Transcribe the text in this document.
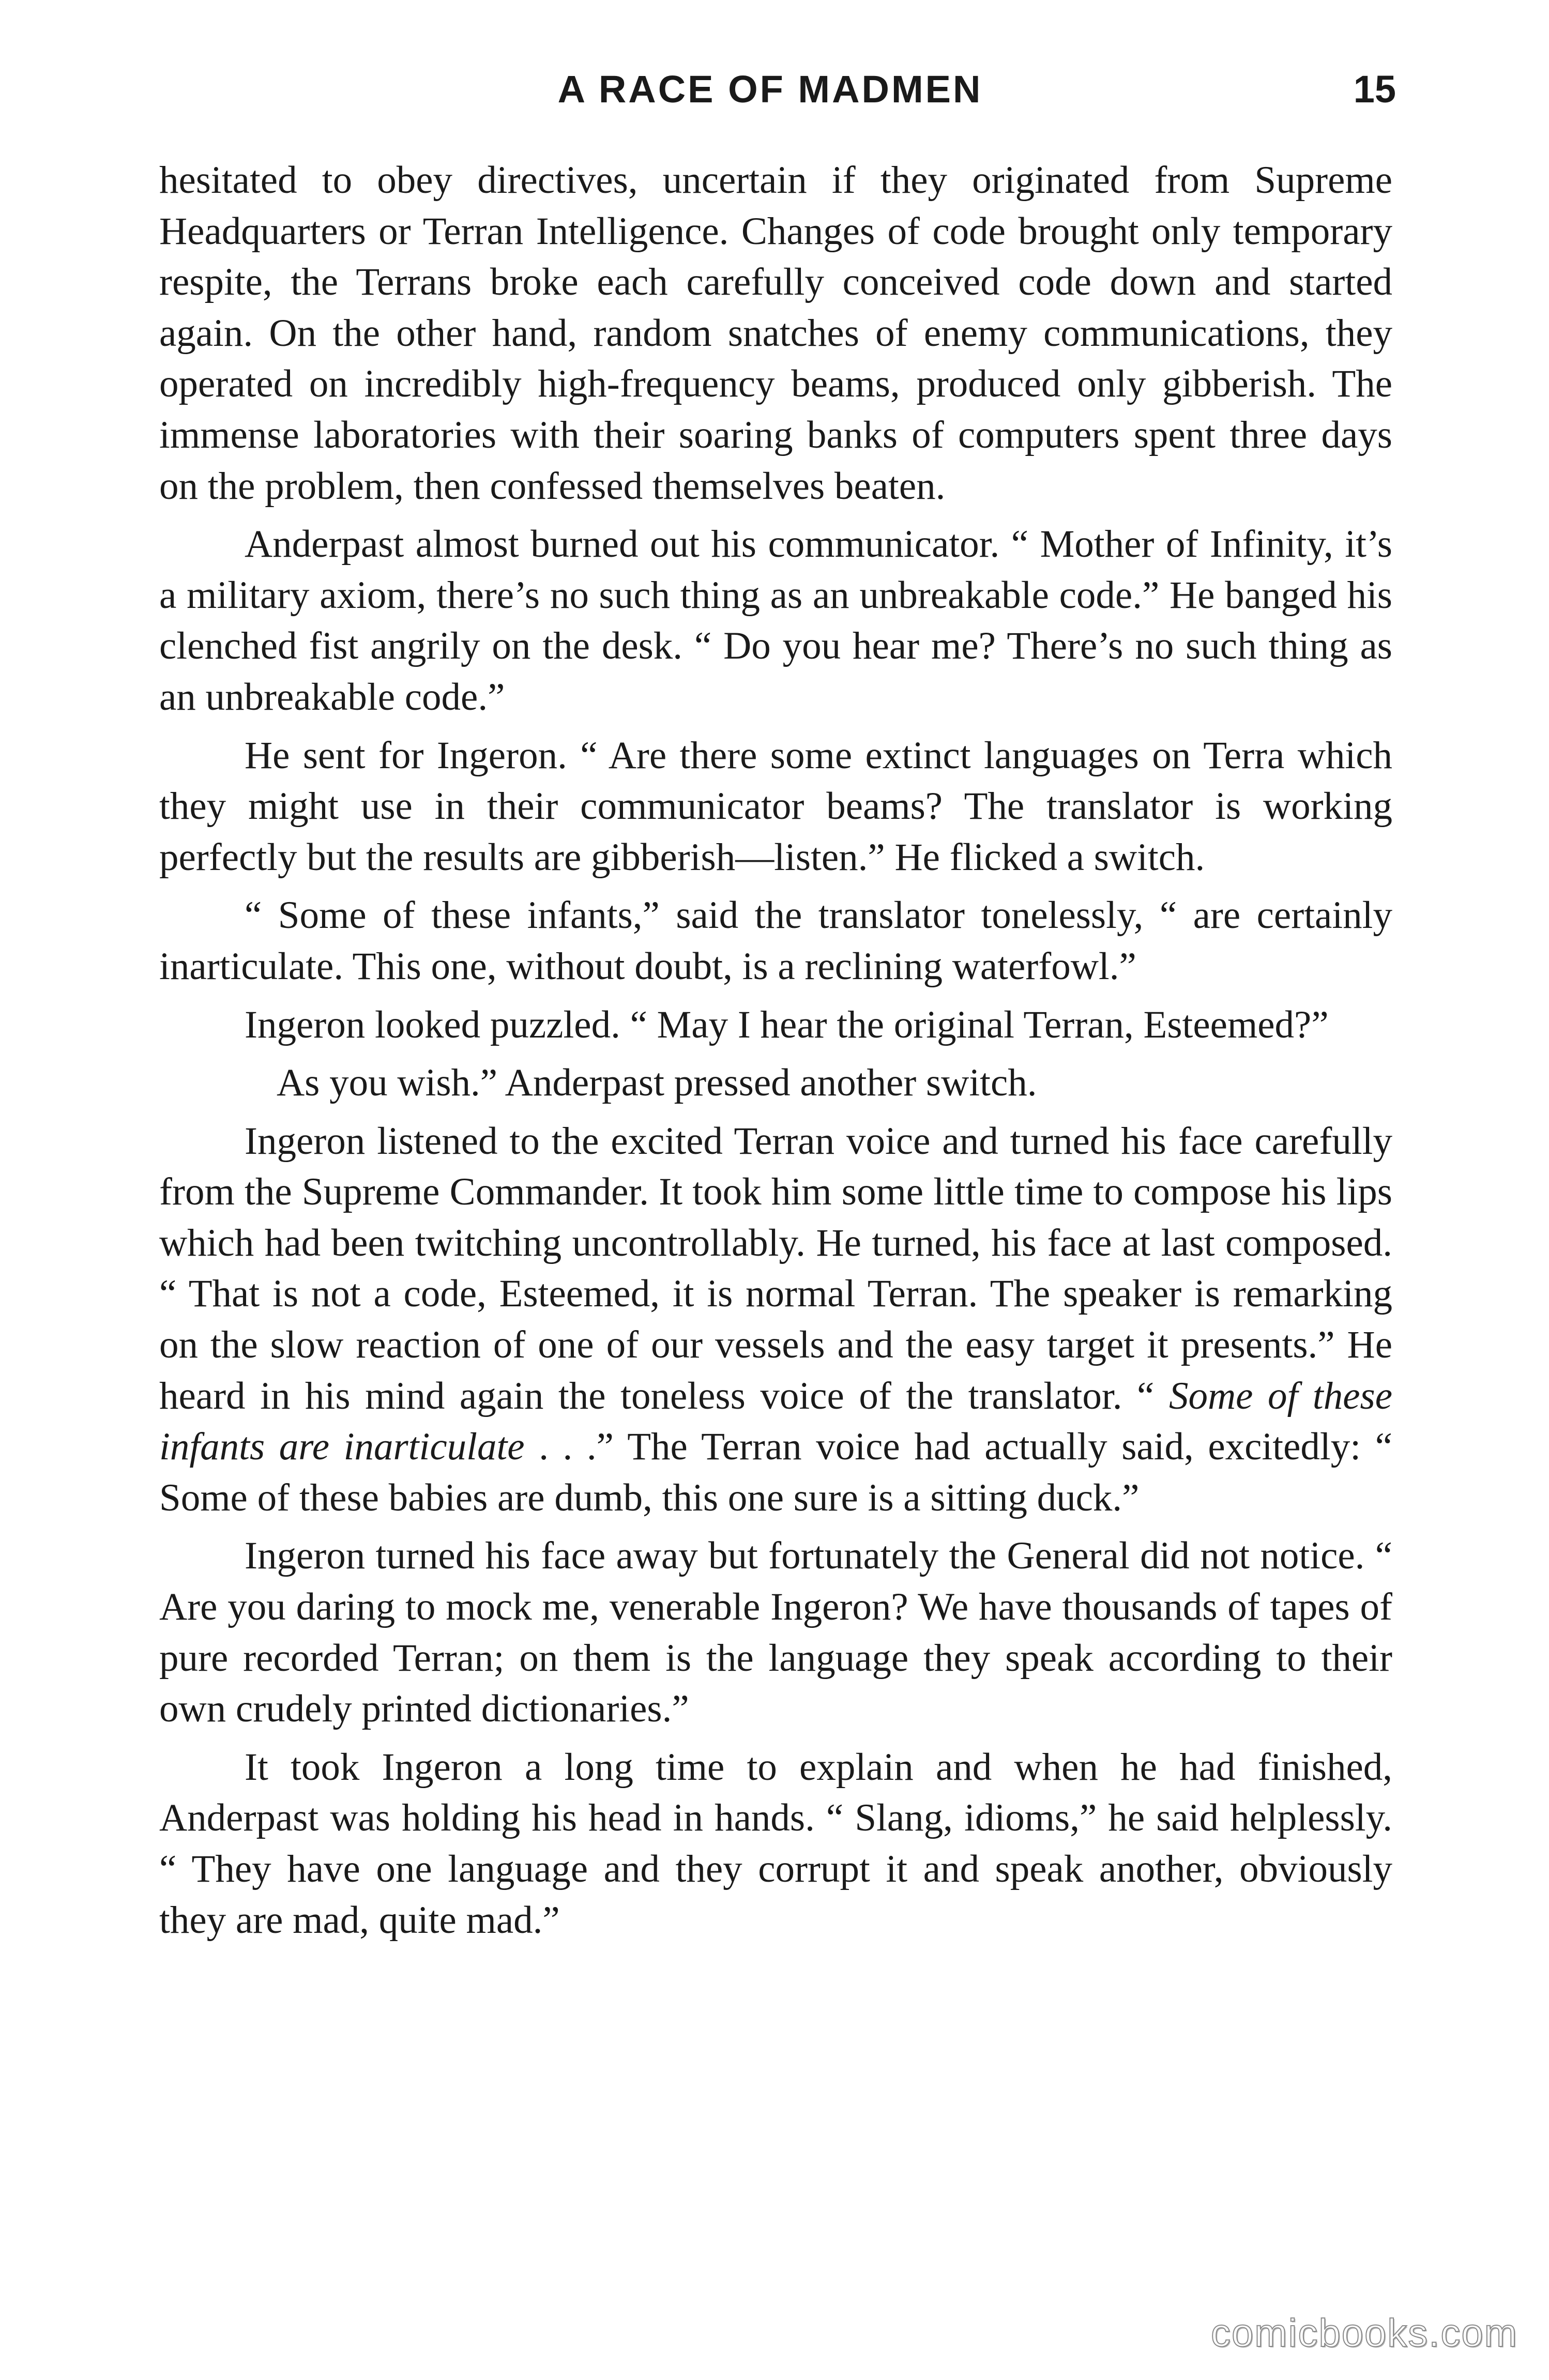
A RACE OF MADMEN	15

hesitated to obey directives, uncertain if they originated from Supreme Headquarters or Terran Intelligence. Changes of code brought only temporary respite, the Terrans broke each carefully conceived code down and started again. On the other hand, random snatches of enemy communications, they operated on incredibly high-frequency beams, produced only gibberish. The immense laboratories with their soaring banks of computers spent three days on the problem, then confessed themselves beaten.

Anderpast almost burned out his communicator. “ Mother of Infinity, it’s a military axiom, there’s no such thing as an unbreakable code.” He banged his clenched fist angrily on the desk. “ Do you hear me? There’s no such thing as an unbreakable code.”

He sent for Ingeron. “ Are there some extinct languages on Terra which they might use in their communicator beams? The translator is working perfectly but the results are gibberish—listen.” He flicked a switch.

“ Some of these infants,” said the translator tonelessly, “ are certainly inarticulate. This one, without doubt, is a reclining waterfowl.”

Ingeron looked puzzled. “ May I hear the original Terran, Esteemed?”

As you wish.” Anderpast pressed another switch.

Ingeron listened to the excited Terran voice and turned his face carefully from the Supreme Commander. It took him some little time to compose his lips which had been twitching uncontrollably. He turned, his face at last composed. “ That is not a code, Esteemed, it is normal Terran. The speaker is remarking on the slow reaction of one of our vessels and the easy target it presents.” He heard in his mind again the toneless voice of the translator. “ Some of these infants are inarticulate . . .” The Terran voice had actually said, excitedly: “ Some of these babies are dumb, this one sure is a sitting duck.”

Ingeron turned his face away but fortunately the General did not notice. “ Are you daring to mock me, venerable Ingeron? We have thousands of tapes of pure recorded Terran; on them is the language they speak according to their own crudely printed dictionaries.”

It took Ingeron a long time to explain and when he had finished, Anderpast was holding his head in hands. “ Slang, idioms,” he said helplessly. “ They have one language and they corrupt it and speak another, obviously they are mad, quite mad.”

comicbooks.com
